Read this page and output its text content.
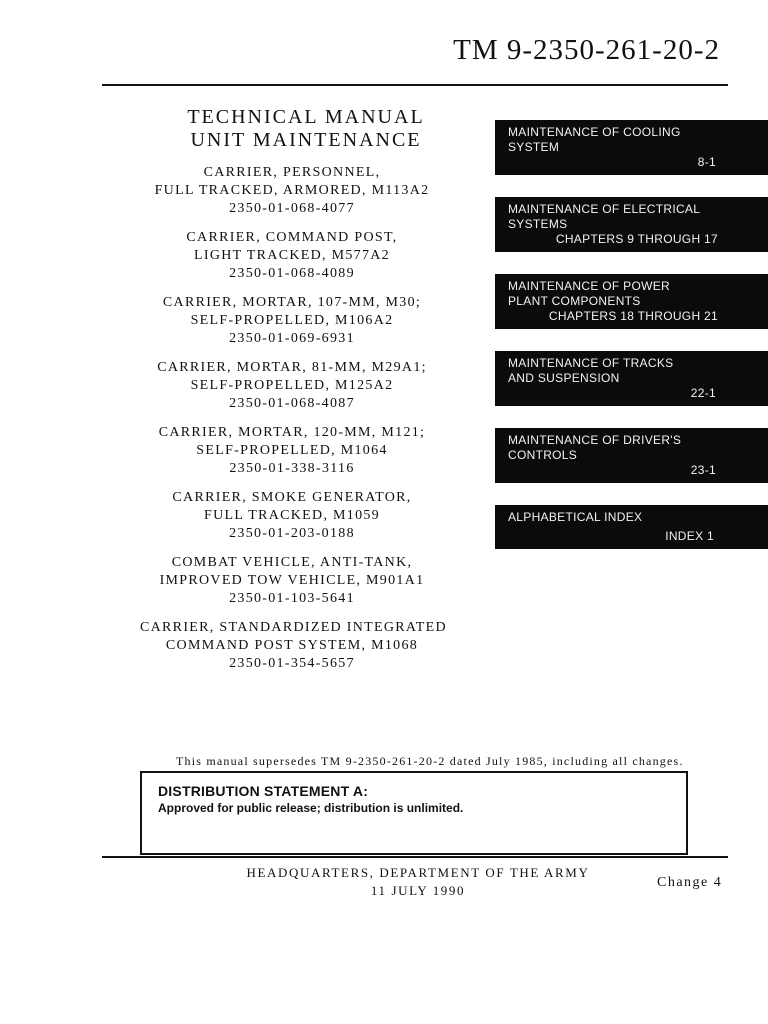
TM 9-2350-261-20-2
TECHNICAL MANUAL
UNIT MAINTENANCE
CARRIER, PERSONNEL,
FULL TRACKED, ARMORED, M113A2
2350-01-068-4077
CARRIER, COMMAND POST,
LIGHT TRACKED, M577A2
2350-01-068-4089
CARRIER, MORTAR, 107-MM, M30;
SELF-PROPELLED, M106A2
2350-01-069-6931
CARRIER, MORTAR, 81-MM, M29A1;
SELF-PROPELLED, M125A2
2350-01-068-4087
CARRIER, MORTAR, 120-MM, M121;
SELF-PROPELLED, M1064
2350-01-338-3116
CARRIER, SMOKE GENERATOR,
FULL TRACKED, M1059
2350-01-203-0188
COMBAT VEHICLE, ANTI-TANK,
IMPROVED TOW VEHICLE, M901A1
2350-01-103-5641
CARRIER, STANDARDIZED INTEGRATED
COMMAND POST SYSTEM, M1068
2350-01-354-5657
MAINTENANCE OF COOLING
SYSTEM
8-1
MAINTENANCE OF ELECTRICAL
SYSTEMS
CHAPTERS 9 THROUGH 17
MAINTENANCE OF POWER
PLANT COMPONENTS
CHAPTERS 18 THROUGH 21
MAINTENANCE OF TRACKS
AND SUSPENSION
22-1
MAINTENANCE OF DRIVER'S
CONTROLS
23-1
ALPHABETICAL INDEX
INDEX 1
This manual supersedes TM 9-2350-261-20-2 dated July 1985, including all changes.
DISTRIBUTION STATEMENT A:
Approved for public release; distribution is unlimited.
HEADQUARTERS, DEPARTMENT OF THE ARMY
11 JULY 1990
Change 4
